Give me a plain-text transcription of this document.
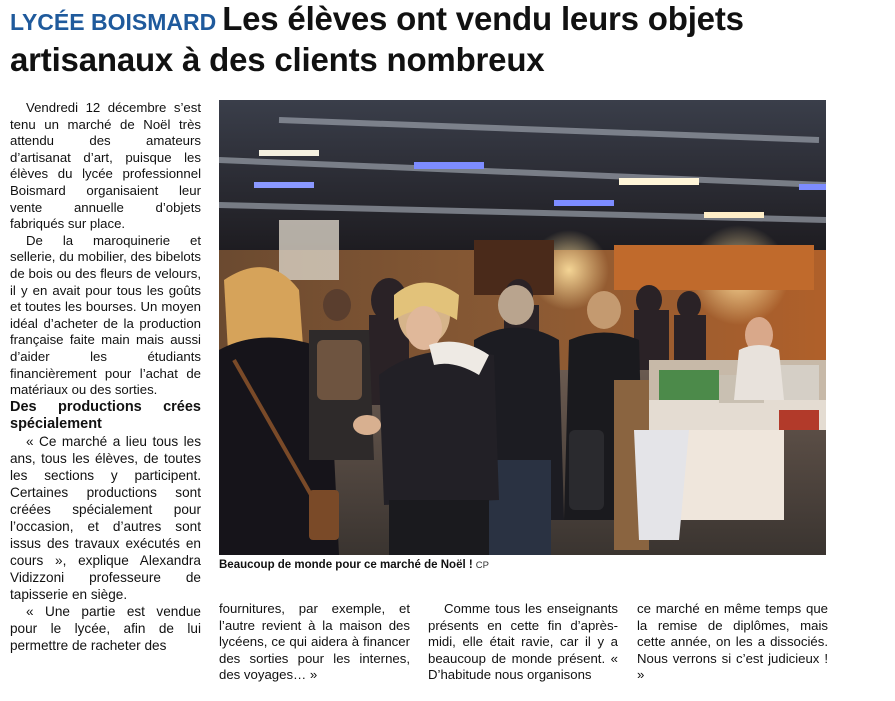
LYCÉE BOISMARD Les élèves ont vendu leurs objets artisanaux à des clients nombreux

Vendredi 12 décembre s’est tenu un marché de Noël très attendu des amateurs d’artisanat d’art, puisque les élèves du lycée professionnel Boismard organisaient leur vente annuelle d’objets fabriqués sur place.

De la maroquinerie et sellerie, du mobilier, des bibelots de bois ou des fleurs de velours, il y en avait pour tous les goûts et toutes les bourses. Un moyen idéal d’acheter de la production française faite main mais aussi d’aider les étudiants financièrement pour l’achat de matériaux ou des sorties.

Des productions crées spécialement

« Ce marché a lieu tous les ans, tous les élèves, de toutes les sections y participent. Certaines productions sont créées spécialement pour l’occasion, et d’autres sont issus des travaux exécutés en cours », explique Alexandra Vidizzoni professeure de tapisserie en siège.

« Une partie est vendue pour le lycée, afin de lui permettre de racheter des

Beaucoup de monde pour ce marché de Noël ! CP

fournitures, par exemple, et l’autre revient à la maison des lycéens, ce qui aidera à financer des sorties pour les internes, des voyages… »

Comme tous les enseignants présents en cette fin d’après-midi, elle était ravie, car il y a beaucoup de monde présent. « D’habitude nous organisons

ce marché en même temps que la remise de diplômes, mais cette année, on les a dissociés. Nous verrons si c’est judicieux ! »
